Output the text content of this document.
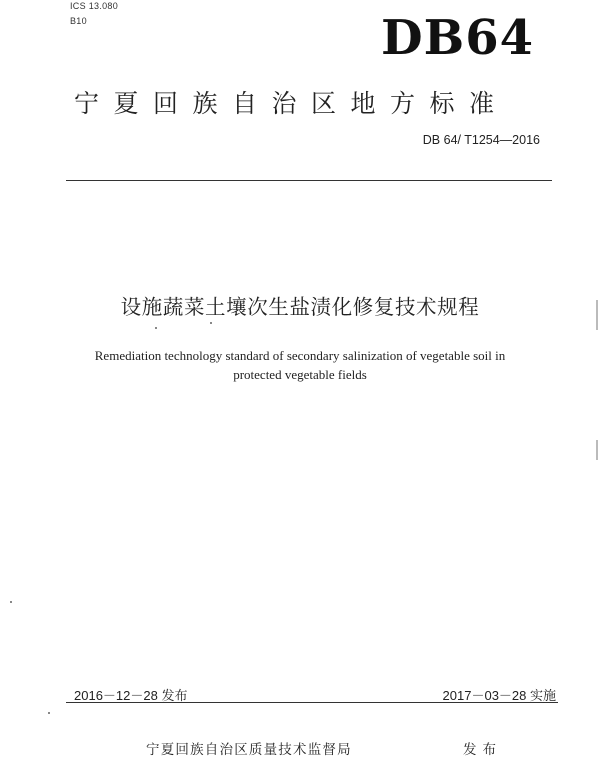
ICS 13.080
B10	DB64
宁夏回族自治区地方标准
DB 64/ T1254—2016
设施蔬菜土壤次生盐渍化修复技术规程
Remediation technology standard of secondary salinization of vegetable soil in
protected vegetable fields
2016－12－28 发布	2017－03－28 实施
宁夏回族自治区质量技术监督局	发布
